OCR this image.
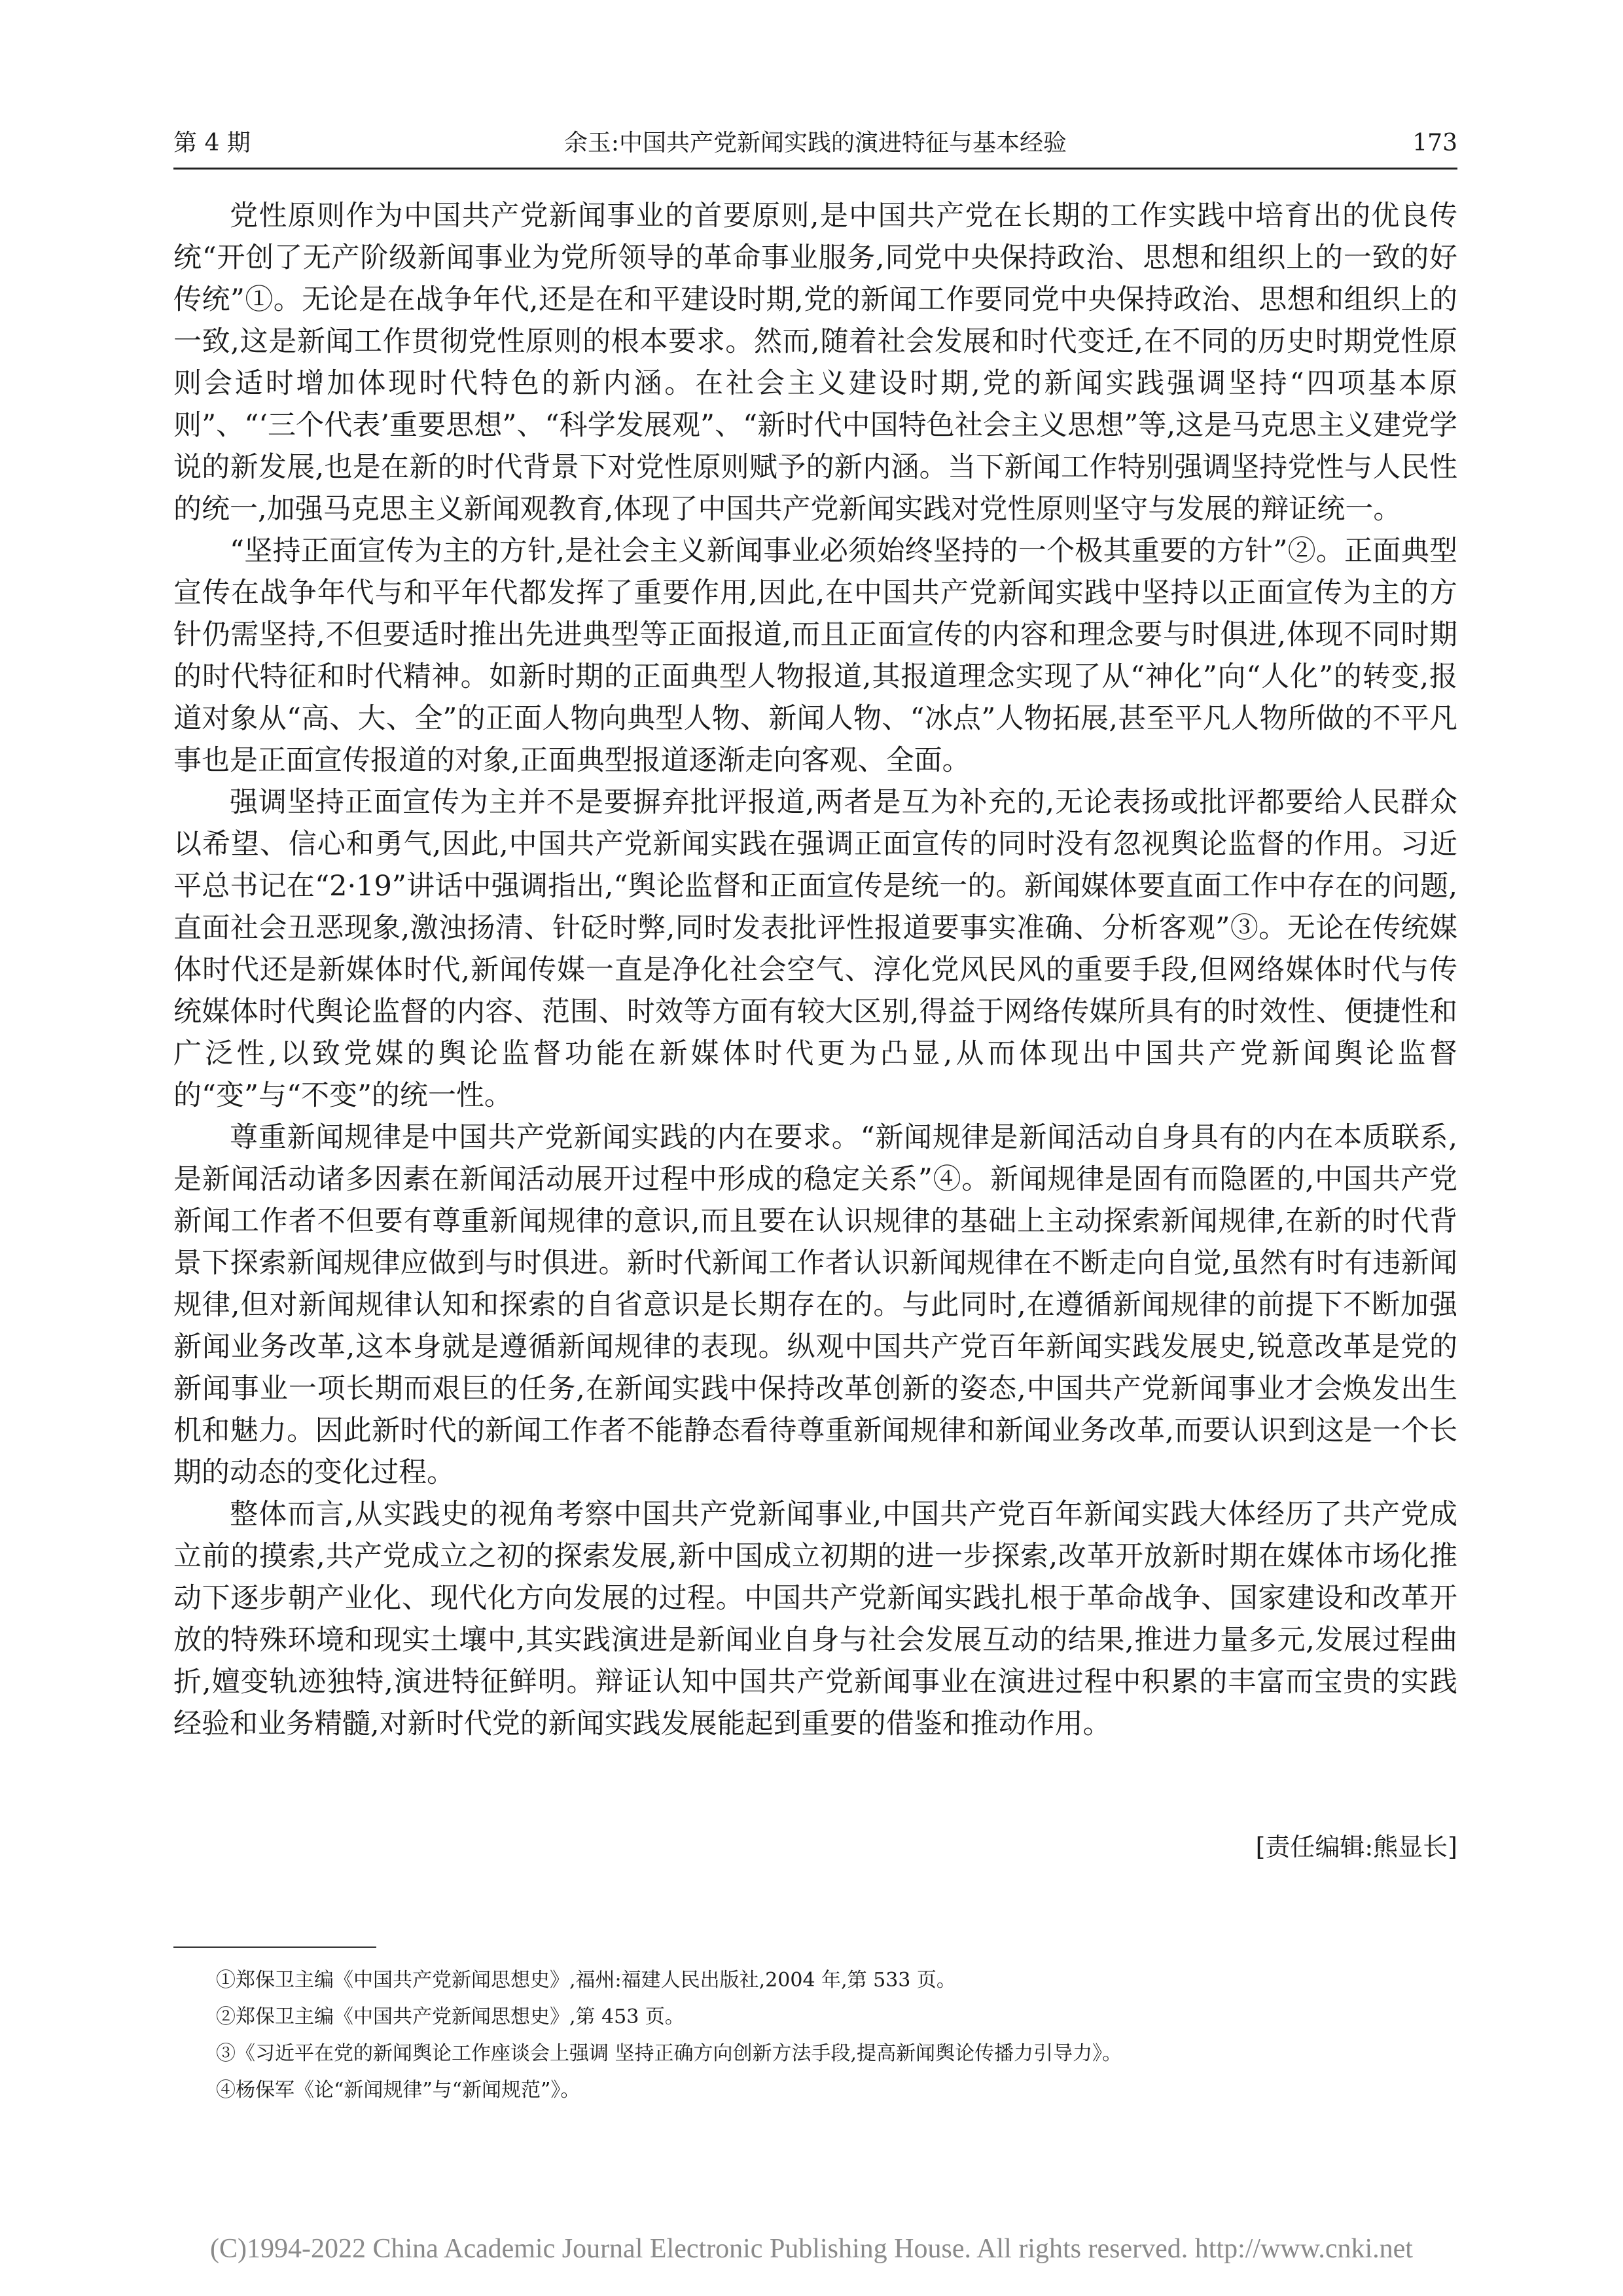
第 4 期	余玉:中国共产党新闻实践的演进特征与基本经验	173

党性原则作为中国共产党新闻事业的首要原则,是中国共产党在长期的工作实践中培育出的优良传统“开创了无产阶级新闻事业为党所领导的革命事业服务,同党中央保持政治、思想和组织上的一致的好传统”①。无论是在战争年代,还是在和平建设时期,党的新闻工作要同党中央保持政治、思想和组织上的一致,这是新闻工作贯彻党性原则的根本要求。然而,随着社会发展和时代变迁,在不同的历史时期党性原则会适时增加体现时代特色的新内涵。在社会主义建设时期,党的新闻实践强调坚持“四项基本原则”、“‘三个代表’重要思想”、“科学发展观”、“新时代中国特色社会主义思想”等,这是马克思主义建党学说的新发展,也是在新的时代背景下对党性原则赋予的新内涵。当下新闻工作特别强调坚持党性与人民性的统一,加强马克思主义新闻观教育,体现了中国共产党新闻实践对党性原则坚守与发展的辩证统一。

“坚持正面宣传为主的方针,是社会主义新闻事业必须始终坚持的一个极其重要的方针”②。正面典型宣传在战争年代与和平年代都发挥了重要作用,因此,在中国共产党新闻实践中坚持以正面宣传为主的方针仍需坚持,不但要适时推出先进典型等正面报道,而且正面宣传的内容和理念要与时俱进,体现不同时期的时代特征和时代精神。如新时期的正面典型人物报道,其报道理念实现了从“神化”向“人化”的转变,报道对象从“高、大、全”的正面人物向典型人物、新闻人物、“冰点”人物拓展,甚至平凡人物所做的不平凡事也是正面宣传报道的对象,正面典型报道逐渐走向客观、全面。

强调坚持正面宣传为主并不是要摒弃批评报道,两者是互为补充的,无论表扬或批评都要给人民群众以希望、信心和勇气,因此,中国共产党新闻实践在强调正面宣传的同时没有忽视舆论监督的作用。习近平总书记在“2·19”讲话中强调指出,“舆论监督和正面宣传是统一的。新闻媒体要直面工作中存在的问题,直面社会丑恶现象,激浊扬清、针砭时弊,同时发表批评性报道要事实准确、分析客观”③。无论在传统媒体时代还是新媒体时代,新闻传媒一直是净化社会空气、淳化党风民风的重要手段,但网络媒体时代与传统媒体时代舆论监督的内容、范围、时效等方面有较大区别,得益于网络传媒所具有的时效性、便捷性和广泛性,以致党媒的舆论监督功能在新媒体时代更为凸显,从而体现出中国共产党新闻舆论监督的“变”与“不变”的统一性。

尊重新闻规律是中国共产党新闻实践的内在要求。“新闻规律是新闻活动自身具有的内在本质联系,是新闻活动诸多因素在新闻活动展开过程中形成的稳定关系”④。新闻规律是固有而隐匿的,中国共产党新闻工作者不但要有尊重新闻规律的意识,而且要在认识规律的基础上主动探索新闻规律,在新的时代背景下探索新闻规律应做到与时俱进。新时代新闻工作者认识新闻规律在不断走向自觉,虽然有时有违新闻规律,但对新闻规律认知和探索的自省意识是长期存在的。与此同时,在遵循新闻规律的前提下不断加强新闻业务改革,这本身就是遵循新闻规律的表现。纵观中国共产党百年新闻实践发展史,锐意改革是党的新闻事业一项长期而艰巨的任务,在新闻实践中保持改革创新的姿态,中国共产党新闻事业才会焕发出生机和魅力。因此新时代的新闻工作者不能静态看待尊重新闻规律和新闻业务改革,而要认识到这是一个长期的动态的变化过程。

整体而言,从实践史的视角考察中国共产党新闻事业,中国共产党百年新闻实践大体经历了共产党成立前的摸索,共产党成立之初的探索发展,新中国成立初期的进一步探索,改革开放新时期在媒体市场化推动下逐步朝产业化、现代化方向发展的过程。中国共产党新闻实践扎根于革命战争、国家建设和改革开放的特殊环境和现实土壤中,其实践演进是新闻业自身与社会发展互动的结果,推进力量多元,发展过程曲折,嬗变轨迹独特,演进特征鲜明。辩证认知中国共产党新闻事业在演进过程中积累的丰富而宝贵的实践经验和业务精髓,对新时代党的新闻实践发展能起到重要的借鉴和推动作用。

[责任编辑:熊显长]
①郑保卫主编《中国共产党新闻思想史》,福州:福建人民出版社,2004 年,第 533 页。
②郑保卫主编《中国共产党新闻思想史》,第 453 页。
③《习近平在党的新闻舆论工作座谈会上强调 坚持正确方向创新方法手段,提高新闻舆论传播力引导力》。
④杨保军《论“新闻规律”与“新闻规范”》。
(C)1994-2022 China Academic Journal Electronic Publishing House. All rights reserved. http://www.cnki.net
